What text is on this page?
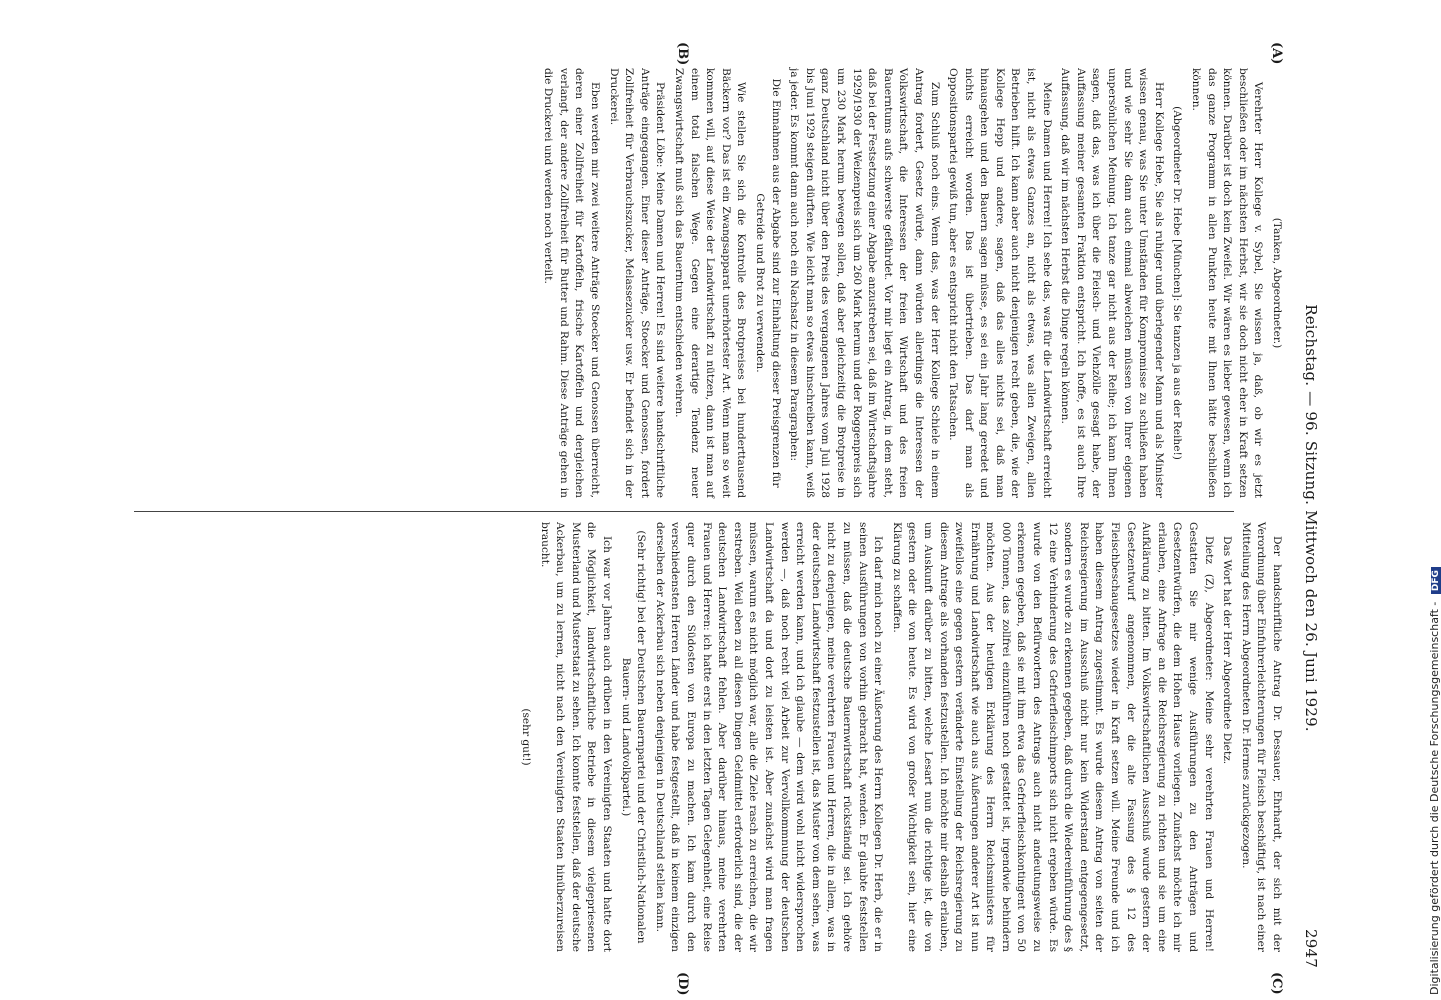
Reichstag. — 96. Sitzung. Mittwoch den 26. Juni 1929.
2947
(A)
(B)
(C)
(D)

(Tanken, Abgeordneter.)

Verehrter Herr Kollege v. Sybel, Sie wissen ja, daß, ob wir es jetzt beschließen oder im nächsten Herbst, wir sie doch nicht eher in Kraft setzen können. Darüber ist doch kein Zweifel. Wir wären es lieber gewesen, wenn ich das ganze Programm in allen Punkten heute mit Ihnen hätte beschließen können.

(Abgeordneter Dr. Hebe [München]: Sie tanzen ja aus der Reihe!)

Herr Kollege Hebe, Sie als ruhiger und überlegender Mann und als Minister wissen genau, was Sie unter Umständen für Kompromisse zu schließen haben und wie sehr Sie dann auch einmal abweichen müssen von Ihrer eigenen unpersönlichen Meinung. Ich tanze gar nicht aus der Reihe; ich kann Ihnen sagen, daß das, was ich über die Fleisch- und Viehzölle gesagt habe, der Auffassung meiner gesamten Fraktion entspricht. Ich hoffe, es ist auch Ihre Auffassung, daß wir im nächsten Herbst die Dinge regeln können.

Meine Damen und Herren! Ich sehe das, was für die Landwirtschaft erreicht ist, nicht als etwas Ganzes an, nicht als etwas, was allen Zweigen, allen Betrieben hilft. Ich kann aber auch nicht denjenigen recht geben, die, wie der Kollege Hepp und andere, sagen, daß das alles nichts sei, daß man hinausgehen und den Bauern sagen müsse, es sei ein Jahr lang geredet und nichts erreicht worden. Das ist übertrieben. Das darf man als Oppositionspartei gewiß tun, aber es entspricht nicht den Tatsachen.

Zum Schluß noch eins. Wenn das, was der Herr Kollege Schiele in einem Antrag fordert, Gesetz würde, dann würden allerdings die Interessen der Volkswirtschaft, die Interessen der freien Wirtschaft und des freien Bauerntums aufs schwerste gefährdet. Vor mir liegt ein Antrag, in dem steht, daß bei der Festsetzung einer Abgabe anzustreben sei, daß im Wirtschaftsjahre 1929/1930 der Weizenpreis sich um 260 Mark herum und der Roggenpreis sich um 230 Mark herum bewegen sollen, daß aber gleichzeitig die Brotpreise in ganz Deutschland nicht über den Preis des vergangenen Jahres vom Juli 1928 bis Juni 1929 steigen dürften. Wie leicht man so etwas hinschreiben kann, weiß ja jeder. Es kommt dann auch noch ein Nachsatz in diesem Paragraphen:

Die Einnahmen aus der Abgabe sind zur Einhaltung dieser Preisgrenzen für Getreide und Brot zu verwenden.

Wie stellen Sie sich die Kontrolle des Brotpreises bei hunderttausend Bäckern vor? Das ist ein Zwangsapparat unerhörtester Art. Wenn man so weit kommen will, auf diese Weise der Landwirtschaft zu nützen, dann ist man auf einem total falschen Wege. Gegen eine derartige Tendenz neuer Zwangswirtschaft muß sich das Bauerntum entschieden wehren.

Präsident Löbe: Meine Damen und Herren! Es sind weitere handschriftliche Anträge eingegangen. Einer dieser Anträge, Stoecker und Genossen, fordert Zollfreiheit für Verbrauchszucker, Melassezucker usw. Er befindet sich in der Druckerei.

Eben werden mir zwei weitere Anträge Stoecker und Genossen überreicht, deren einer Zollfreiheit für Kartoffeln, frische Kartoffeln und dergleichen verlangt, der andere Zollfreiheit für Butter und Rahm. Diese Anträge gehen in die Druckerei und werden noch verteilt.

Der handschriftliche Antrag Dr. Dessauer, Ehrhardt, der sich mit der Verordnung über Einfuhrerleichterungen für Fleisch beschäftigt, ist nach einer Mitteilung des Herrn Abgeordneten Dr. Hermes zurückgezogen.

Das Wort hat der Herr Abgeordnete Dietz.

Dietz (Z), Abgeordneter: Meine sehr verehrten Frauen und Herren! Gestatten Sie mir wenige Ausführungen zu den Anträgen und Gesetzentwürfen, die dem Hohen Hause vorliegen. Zunächst möchte ich mir erlauben, eine Anfrage an die Reichsregierung zu richten und sie um eine Aufklärung zu bitten. Im Volkswirtschaftlichen Ausschuß wurde gestern der Gesetzentwurf angenommen, der die alte Fassung des § 12 des Fleischbeschaugesetzes wieder in Kraft setzen will. Meine Freunde und ich haben diesem Antrag zugestimmt. Es wurde diesem Antrag von seiten der Reichsregierung im Ausschuß nicht nur kein Widerstand entgegengesetzt, sondern es wurde zu erkennen gegeben, daß durch die Wiedereinführung des § 12 eine Verhinderung des Gefrierfleischimports sich nicht ergeben würde. Es wurde von den Befürwortern des Antrags auch nicht andeutungsweise zu erkennen gegeben, daß sie mit ihm etwa das Gefrierfleischkontingent von 50 000 Tonnen, das zollfrei einzuführen noch gestattet ist, irgendwie behindern möchten. Aus der heutigen Erklärung des Herrn Reichsministers für Ernährung und Landwirtschaft wie auch aus Äußerungen anderer Art ist nun zweifellos eine gegen gestern veränderte Einstellung der Reichsregierung zu diesem Antrage als vorhanden festzustellen. Ich möchte mir deshalb erlauben, um Auskunft darüber zu bitten, welche Lesart nun die richtige ist, die von gestern oder die von heute. Es wird von großer Wichtigkeit sein, hier eine Klärung zu schaffen.

Ich darf mich noch zu einer Äußerung des Herrn Kollegen Dr. Herb, die er in seinen Ausführungen von vorhin gebracht hat, wenden. Er glaubte feststellen zu müssen, daß die deutsche Bauernwirtschaft rückständig sei. Ich gehöre nicht zu denjenigen, meine verehrten Frauen und Herren, die in allem, was in der deutschen Landwirtschaft festzustellen ist, das Muster von dem sehen, was erreicht werden kann, und ich glaube — dem wird wohl nicht widersprochen werden —, daß noch recht viel Arbeit zur Vervollkommnung der deutschen Landwirtschaft da und dort zu leisten ist. Aber zunächst wird man fragen müssen, warum es nicht möglich war, alle die Ziele rasch zu erreichen, die wir erstreben. Weil eben zu all diesen Dingen Geldmittel erforderlich sind, die der deutschen Landwirtschaft fehlen. Aber darüber hinaus, meine verehrten Frauen und Herren: ich hatte erst in den letzten Tagen Gelegenheit, eine Reise quer durch den Südosten von Europa zu machen. Ich kam durch den verschiedensten Herren Länder und habe festgestellt, daß in keinem einzigen derselben der Ackerbau sich neben denjenigen in Deutschland stellen kann.

(Sehr richtig! bei der Deutschen Bauernpartei und der Christlich-Nationalen Bauern- und Landvolkpartei.)

Ich war vor Jahren auch drüben in den Vereinigten Staaten und hatte dort die Möglichkeit, landwirtschaftliche Betriebe in diesem vielgepriesenen Musterland und Musterstaat zu sehen. Ich konnte feststellen, daß der deutsche Ackerbau, um zu lernen, nicht nach den Vereinigten Staaten hinüberzureisen braucht.

(sehr gut!)	Digitalisierung gefördert durch die Deutsche Forschungsgemeinschaft - DFG
